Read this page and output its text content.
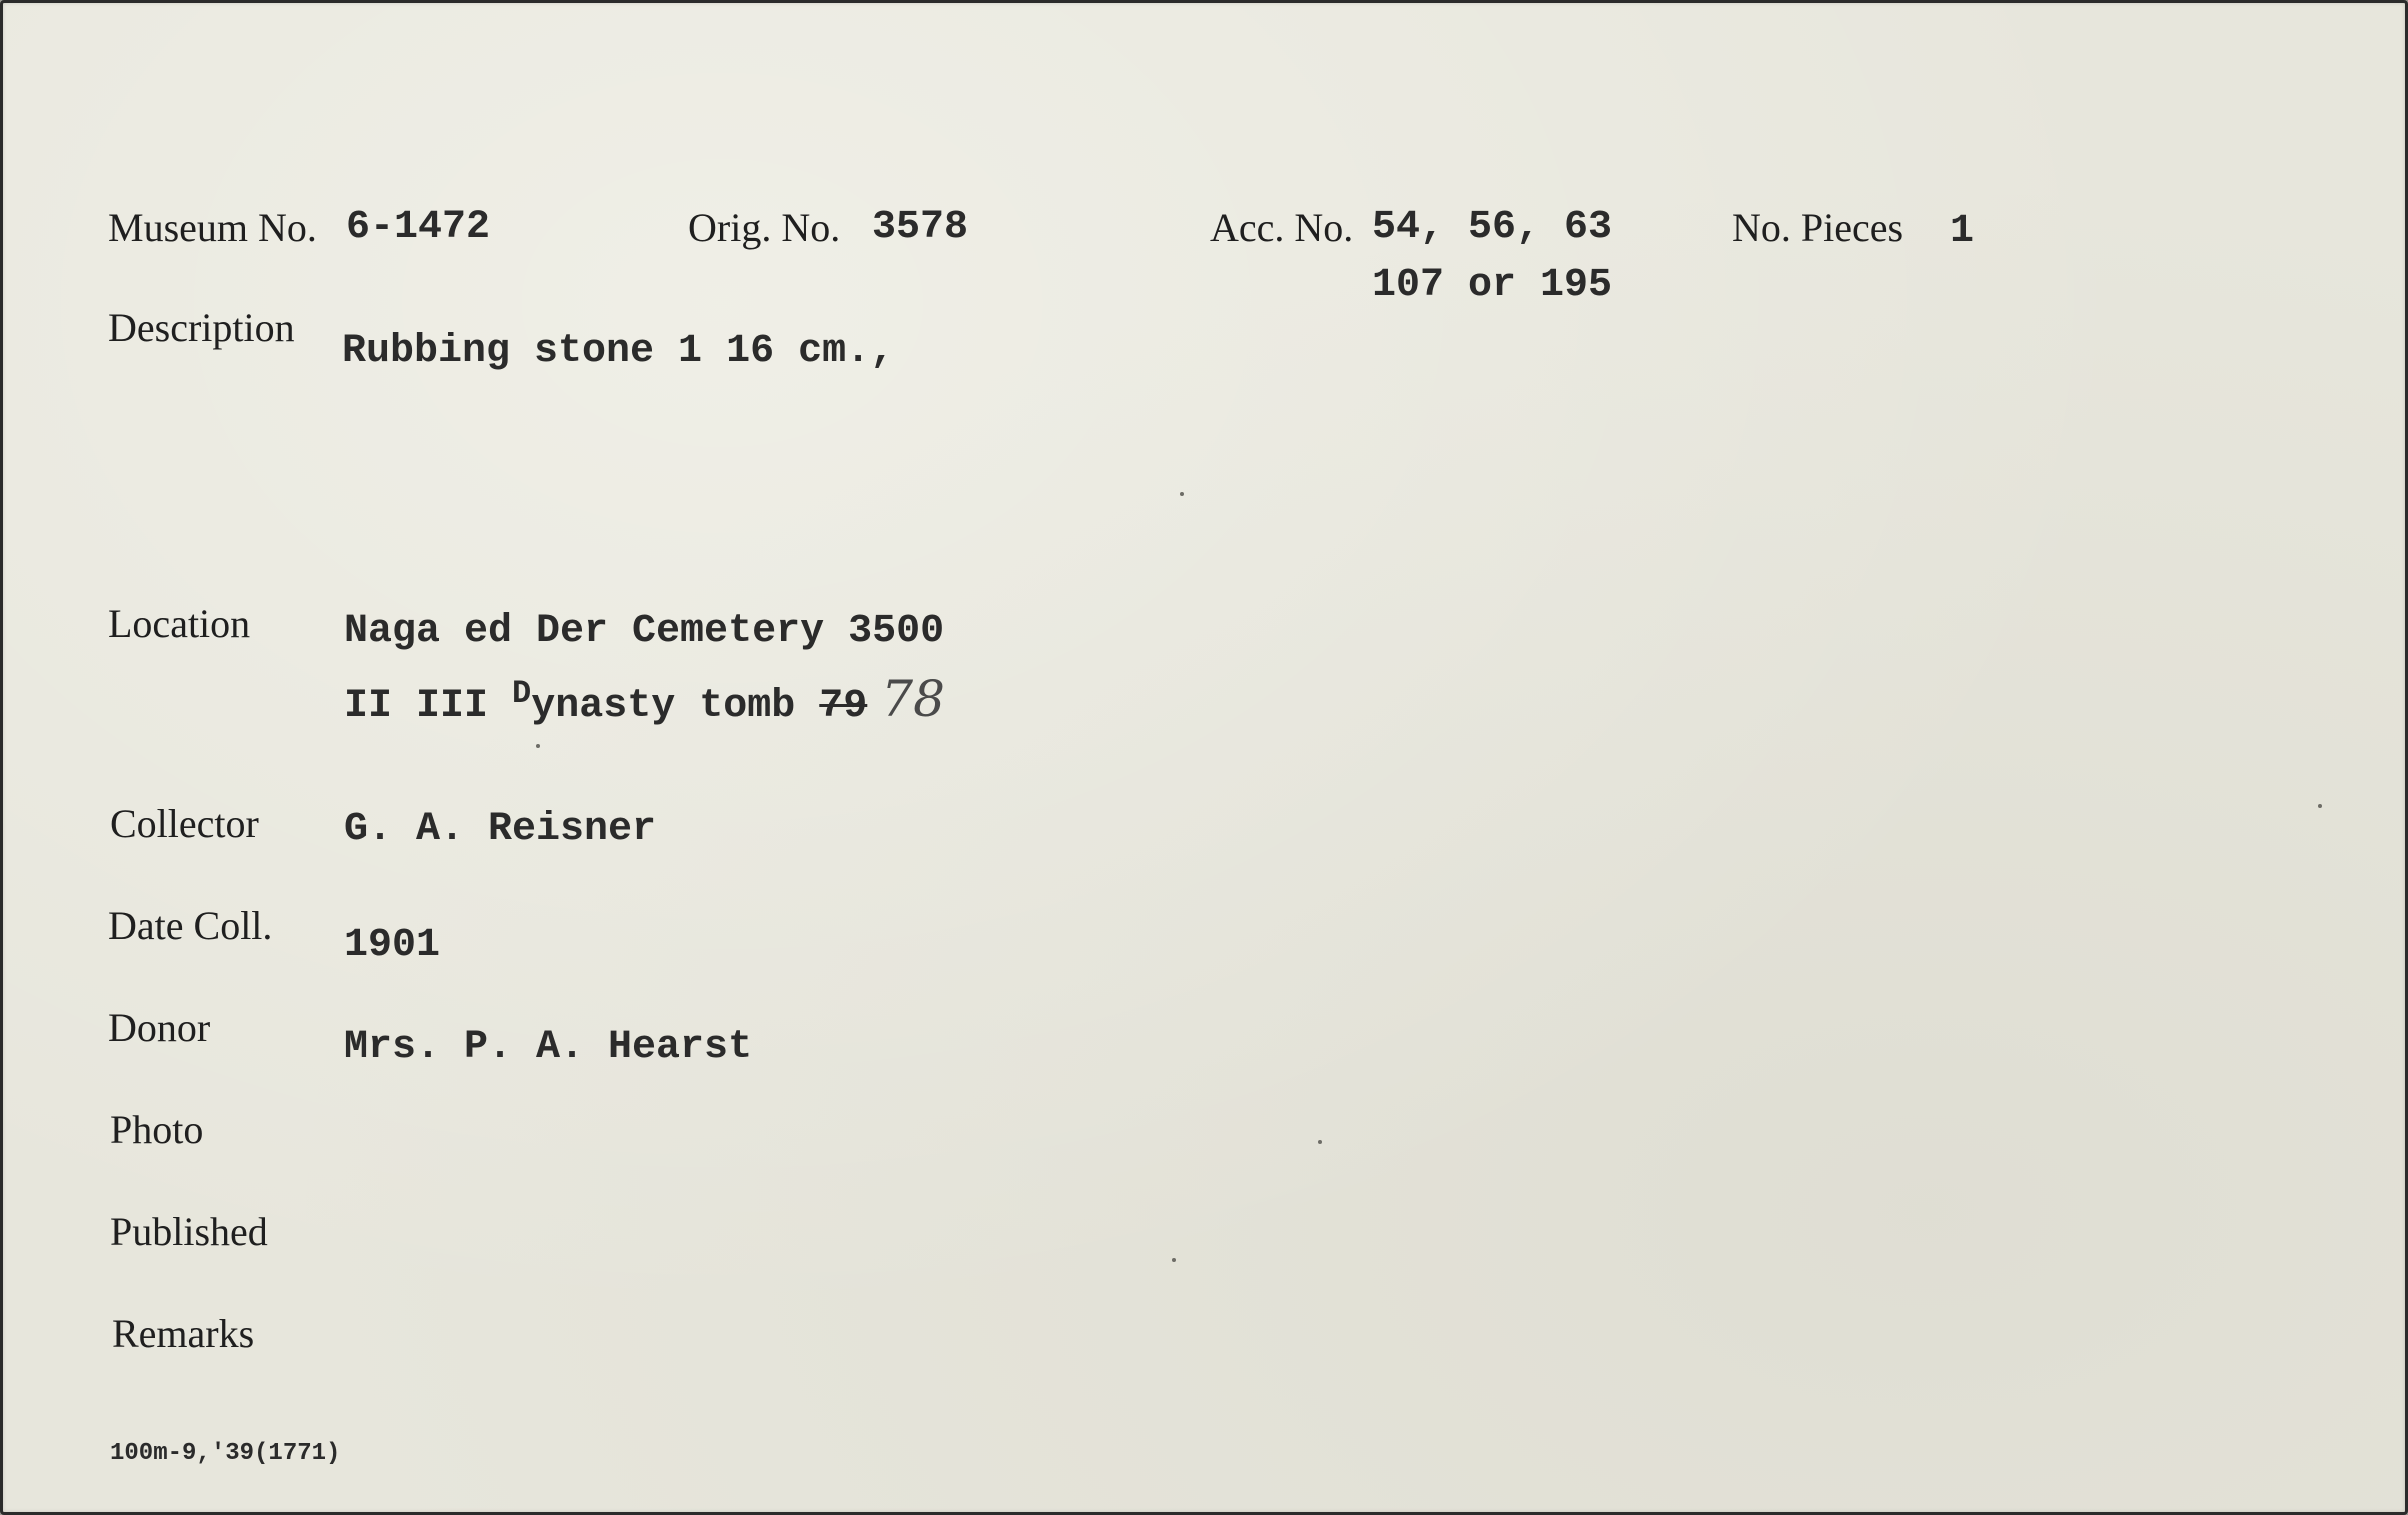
Museum No. 6-1472	Orig. No. 3578	Acc. No. 54, 56, 63
107 or 195
No. Pieces 1
Description
Rubbing stone 1 16 cm.,
Location Naga ed Der Cemetery 3500
II III $^D$ynasty tomb 79 78
Collector G. A. Reisner
Date Coll. 1901
Donor	Mrs. P. A. Hearst
Photo
Published
Remarks
100m-9,'39(1771)
